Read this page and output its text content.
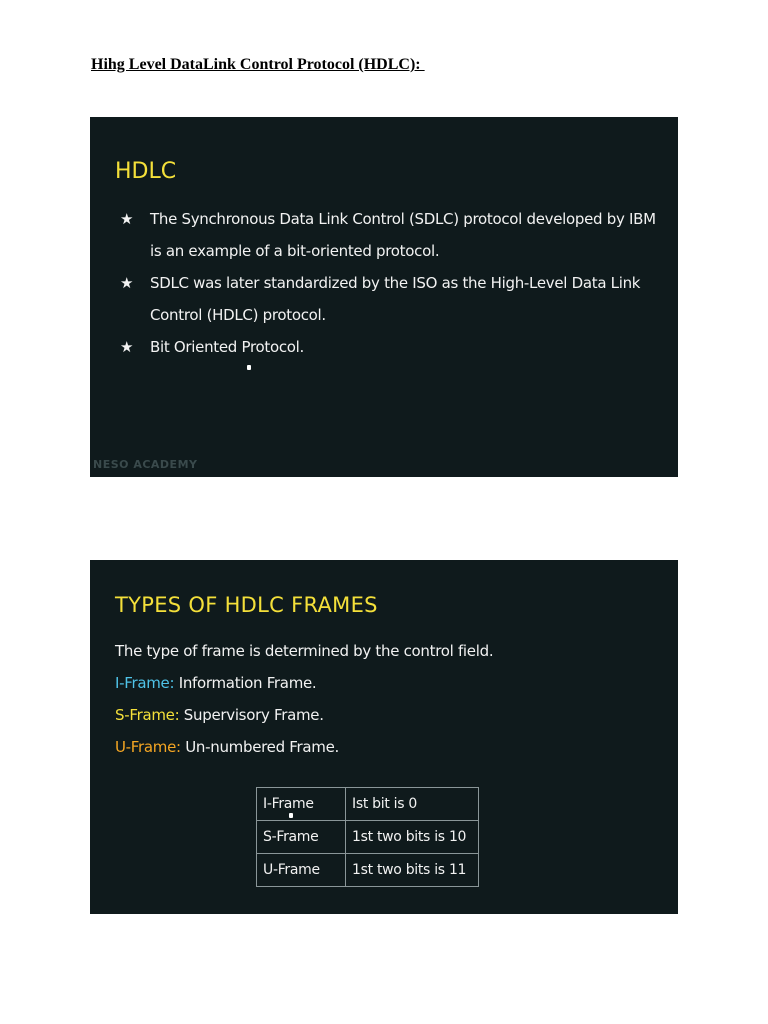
Hihg Level DataLink Control Protocol (HDLC):
HDLC
★ The Synchronous Data Link Control (SDLC) protocol developed by IBM is an example of a bit-oriented protocol.
★ SDLC was later standardized by the ISO as the High-Level Data Link Control (HDLC) protocol.
★ Bit Oriented Protocol.
NESO ACADEMY
TYPES OF HDLC FRAMES
The type of frame is determined by the control field.
I-Frame: Information Frame.
S-Frame: Supervisory Frame.
U-Frame: Un-numbered Frame.
I-Frame	Ist bit is 0
S-Frame	1st two bits is 10
U-Frame	1st two bits is 11
